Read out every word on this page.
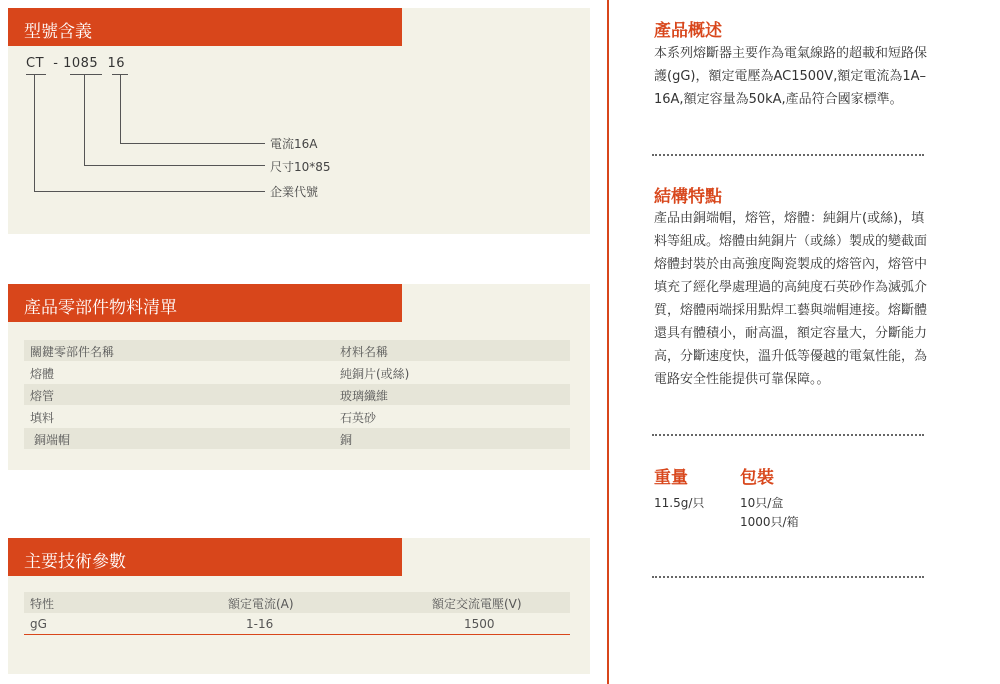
型號含義
CT  - 1085  16
電流16A
尺寸10*85
企業代號
產品零部件物料清單
關鍵零部件名稱	材料名稱
熔體	純銅片(或絲)
熔管	玻璃纖維
填料	石英砂
銅端帽	銅
主要技術參數
特性	額定電流(A)	額定交流電壓(V)
gG	1-16	1500
產品概述
本系列熔斷器主要作為電氣線路的超載和短路保護(gG)，額定電壓為AC1500V,額定電流為1A–16A,額定容量為50kA,產品符合國家標準。
結構特點
產品由銅端帽，熔管，熔體：純銅片(或絲)，填料等組成。熔體由純銅片（或絲）製成的變截面熔體封裝於由高強度陶瓷製成的熔管內，熔管中填充了經化學處理過的高純度石英砂作為滅弧介質，熔體兩端採用點焊工藝與端帽連接。熔斷體還具有體積小，耐高溫，額定容量大，分斷能力高，分斷速度快，溫升低等優越的電氣性能，為電路安全性能提供可靠保障。。
重量	包裝
11.5g/只	10只/盒
1000只/箱
